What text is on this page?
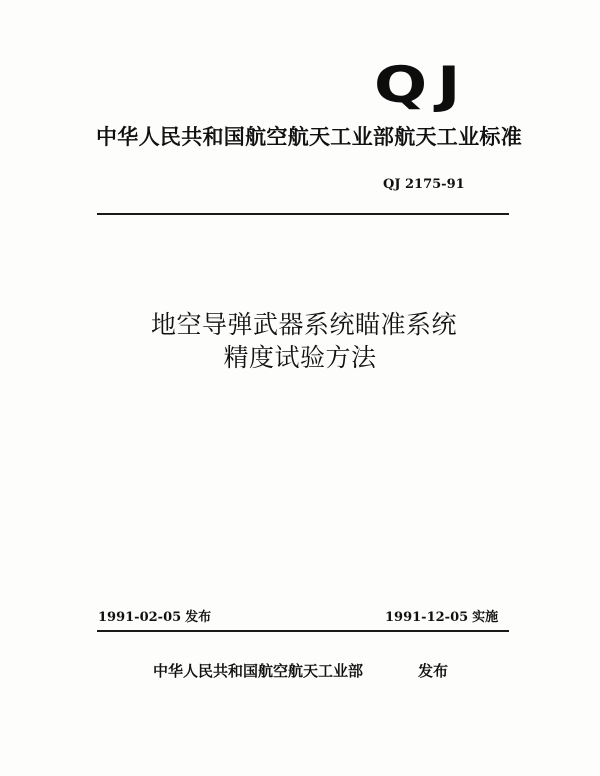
QJ
中华人民共和国航空航天工业部航天工业标准
QJ 2175-91
地空导弹武器系统瞄准系统
精度试验方法
1991-02-05 发布	1991-12-05 实施
中华人民共和国航空航天工业部	发布
